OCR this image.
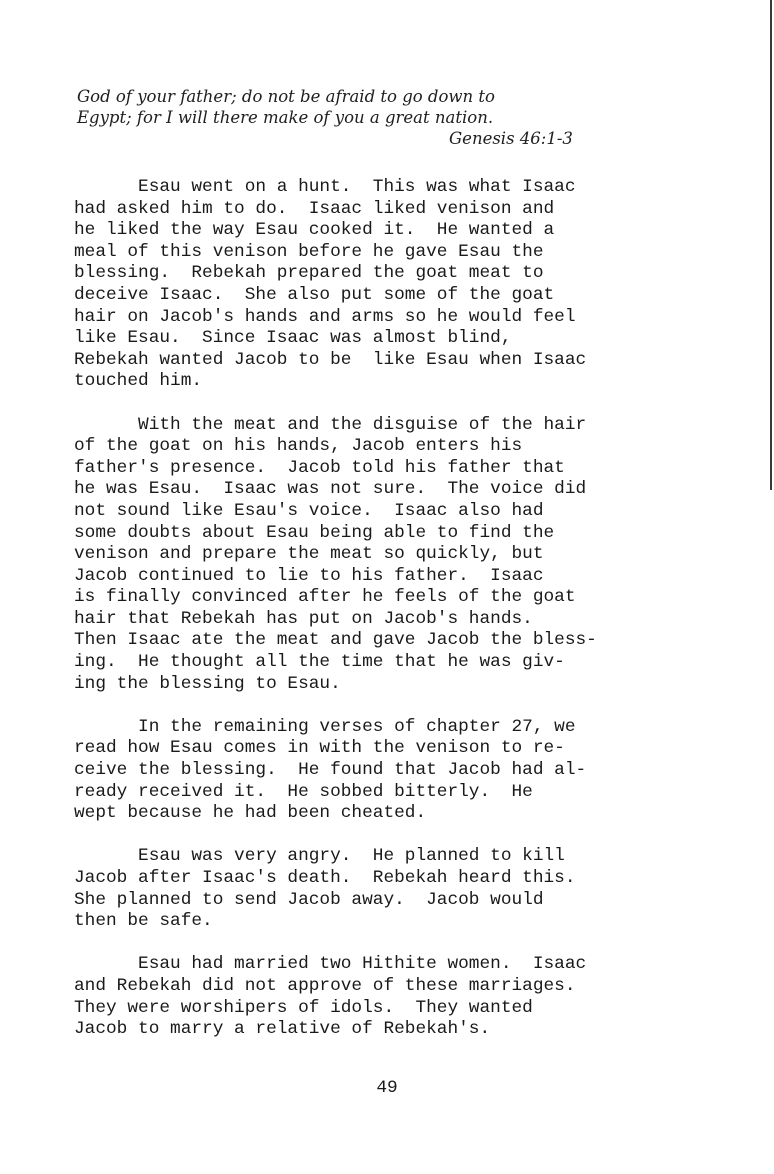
God of your father; do not be afraid to go down to
Egypt; for I will there make of you a great nation.
Genesis 46:1-3
Esau went on a hunt.  This was what Isaac
had asked him to do.  Isaac liked venison and
he liked the way Esau cooked it.  He wanted a
meal of this venison before he gave Esau the
blessing.  Rebekah prepared the goat meat to
deceive Isaac.  She also put some of the goat
hair on Jacob's hands and arms so he would feel
like Esau.  Since Isaac was almost blind,
Rebekah wanted Jacob to be  like Esau when Isaac
touched him.
With the meat and the disguise of the hair
of the goat on his hands, Jacob enters his
father's presence.  Jacob told his father that
he was Esau.  Isaac was not sure.  The voice did
not sound like Esau's voice.  Isaac also had
some doubts about Esau being able to find the
venison and prepare the meat so quickly, but
Jacob continued to lie to his father.  Isaac
is finally convinced after he feels of the goat
hair that Rebekah has put on Jacob's hands.
Then Isaac ate the meat and gave Jacob the bless-
ing.  He thought all the time that he was giv-
ing the blessing to Esau.
In the remaining verses of chapter 27, we
read how Esau comes in with the venison to re-
ceive the blessing.  He found that Jacob had al-
ready received it.  He sobbed bitterly.  He
wept because he had been cheated.
Esau was very angry.  He planned to kill
Jacob after Isaac's death.  Rebekah heard this.
She planned to send Jacob away.  Jacob would
then be safe.
Esau had married two Hithite women.  Isaac
and Rebekah did not approve of these marriages.
They were worshipers of idols.  They wanted
Jacob to marry a relative of Rebekah's.
49
